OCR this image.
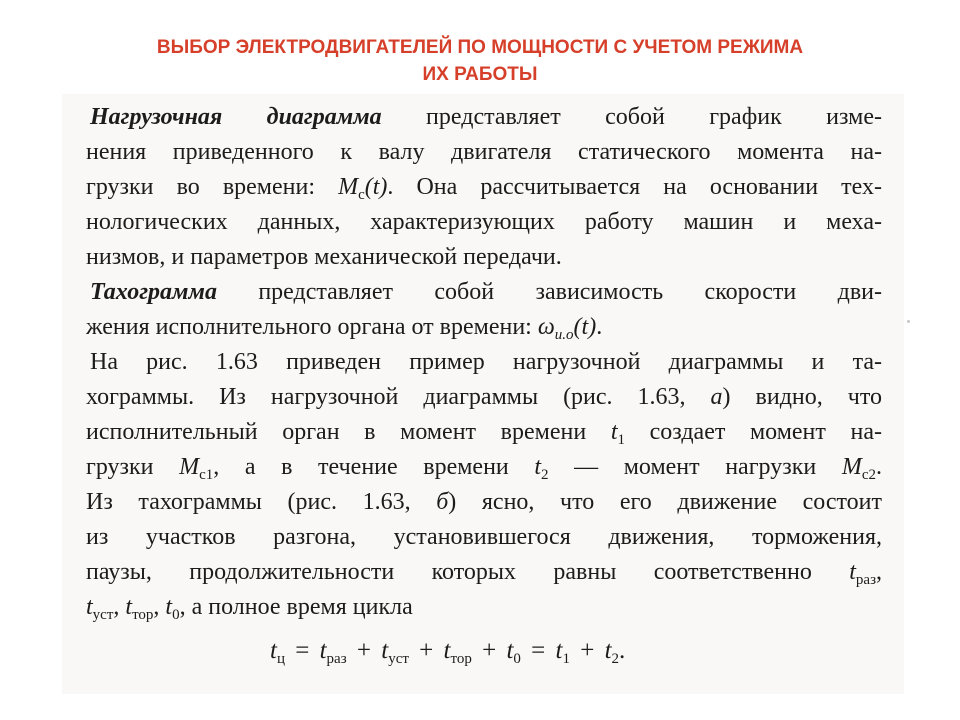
ВЫБОР ЭЛЕКТРОДВИГАТЕЛЕЙ ПО МОЩНОСТИ С УЧЕТОМ РЕЖИМА
ИХ РАБОТЫ
Нагрузочная диаграмма представляет собой график изме-
нения приведенного к валу двигателя статического момента на-
грузки во времени: $M_с(t)$. Она рассчитывается на основании тех-
нологических данных, характеризующих работу машин и меха-
низмов, и параметров механической передачи.
Тахограмма представляет собой зависимость скорости дви-
жения исполнительного органа от времени: $\omega_{и.о}(t)$.
На рис. 1.63 приведен пример нагрузочной диаграммы и та-
хограммы. Из нагрузочной диаграммы (рис. 1.63, а) видно, что
исполнительный орган в момент времени $t_1$ создает момент на-
грузки $M_{с1}$, а в течение времени $t_2$ — момент нагрузки $M_{с2}$.
Из тахограммы (рис. 1.63, б) ясно, что его движение состоит
из участков разгона, установившегося движения, торможения,
паузы, продолжительности которых равны соответственно $t_{раз}$,
$t_{уст}$, $t_{тор}$, $t_0$, а полное время цикла
$t_ц = t_{раз} + t_{уст} + t_{тор} + t_0 = t_1 + t_2$.
